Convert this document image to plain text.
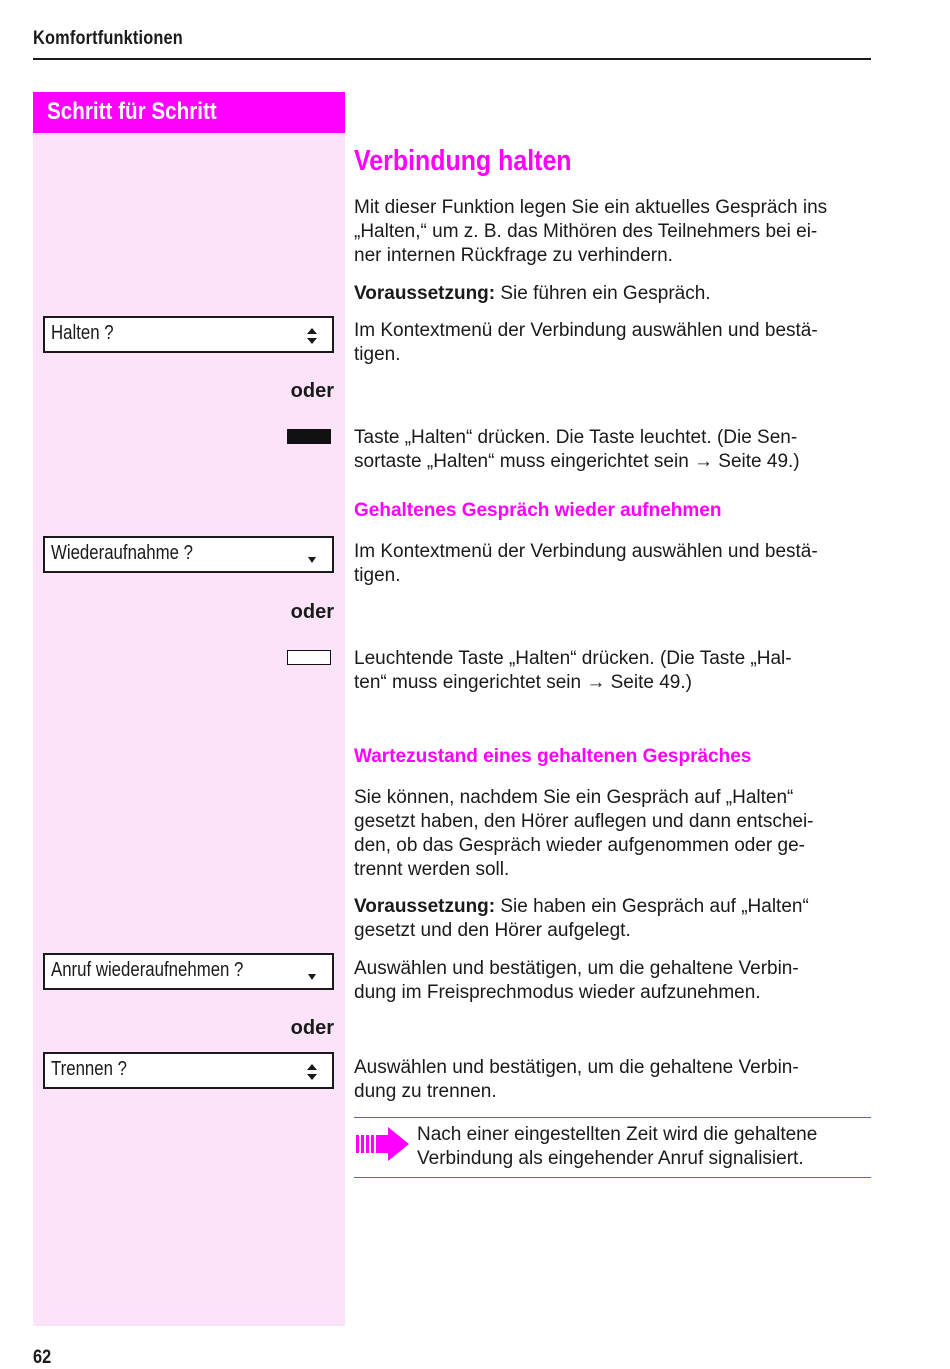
Komfortfunktionen
Schritt für Schritt
Halten ?
oder
Wiederaufnahme ?
oder
Anruf wiederaufnehmen ?
oder
Trennen ?
Verbindung halten
Mit dieser Funktion legen Sie ein aktuelles Gespräch ins
„Halten,“ um z. B. das Mithören des Teilnehmers bei ei-
ner internen Rückfrage zu verhindern.
Voraussetzung: Sie führen ein Gespräch.
Im Kontextmenü der Verbindung auswählen und bestä-
tigen.
Taste „Halten“ drücken. Die Taste leuchtet. (Die Sen-
sortaste „Halten“ muss eingerichtet sein → Seite 49.)
Gehaltenes Gespräch wieder aufnehmen
Im Kontextmenü der Verbindung auswählen und bestä-
tigen.
Leuchtende Taste „Halten“ drücken. (Die Taste „Hal-
ten“ muss eingerichtet sein → Seite 49.)
Wartezustand eines gehaltenen Gespräches
Sie können, nachdem Sie ein Gespräch auf „Halten“
gesetzt haben, den Hörer auflegen und dann entschei-
den, ob das Gespräch wieder aufgenommen oder ge-
trennt werden soll.
Voraussetzung: Sie haben ein Gespräch auf „Halten“
gesetzt und den Hörer aufgelegt.
Auswählen und bestätigen, um die gehaltene Verbin-
dung im Freisprechmodus wieder aufzunehmen.
Auswählen und bestätigen, um die gehaltene Verbin-
dung zu trennen.
Nach einer eingestellten Zeit wird die gehaltene
Verbindung als eingehender Anruf signalisiert.
62
